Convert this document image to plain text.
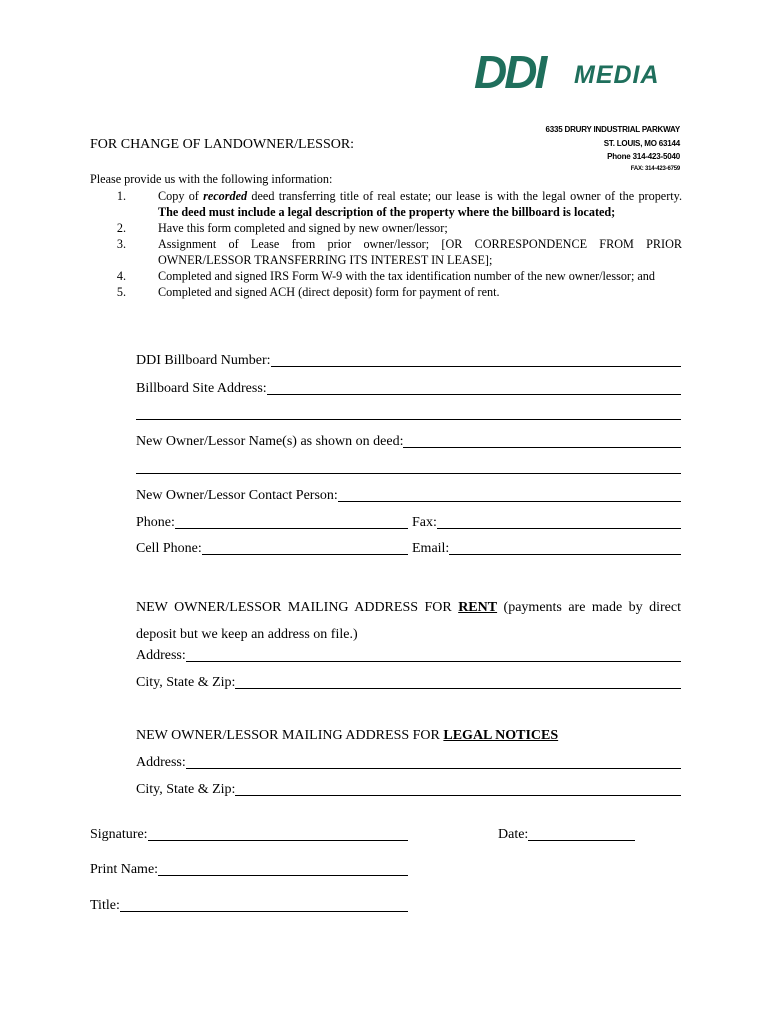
DDI MEDIA
6335 DRURY INDUSTRIAL PARKWAY
ST. LOUIS, MO 63144
Phone 314-423-5040
FAX: 314-423-6759
FOR CHANGE OF LANDOWNER/LESSOR:
Please provide us with the following information:
1.	Copy of recorded deed transferring title of real estate; our lease is with the legal owner of the property. The deed must include a legal description of the property where the billboard is located;
2.	Have this form completed and signed by new owner/lessor;
3.	Assignment of Lease from prior owner/lessor; [OR CORRESPONDENCE FROM PRIOR OWNER/LESSOR TRANSFERRING ITS INTEREST IN LEASE];
4.	Completed and signed IRS Form W-9 with the tax identification number of the new owner/lessor; and
5.	Completed and signed ACH (direct deposit) form for payment of rent.
DDI Billboard Number:
Billboard Site Address:
New Owner/Lessor Name(s) as shown on deed:
New Owner/Lessor Contact Person:
Phone:	Fax:
Cell Phone:	Email:
NEW OWNER/LESSOR MAILING ADDRESS FOR RENT (payments are made by direct deposit but we keep an address on file.)
Address:
City, State & Zip:
NEW OWNER/LESSOR MAILING ADDRESS FOR LEGAL NOTICES
Address:
City, State & Zip:
Signature:	Date:
Print Name:
Title:
